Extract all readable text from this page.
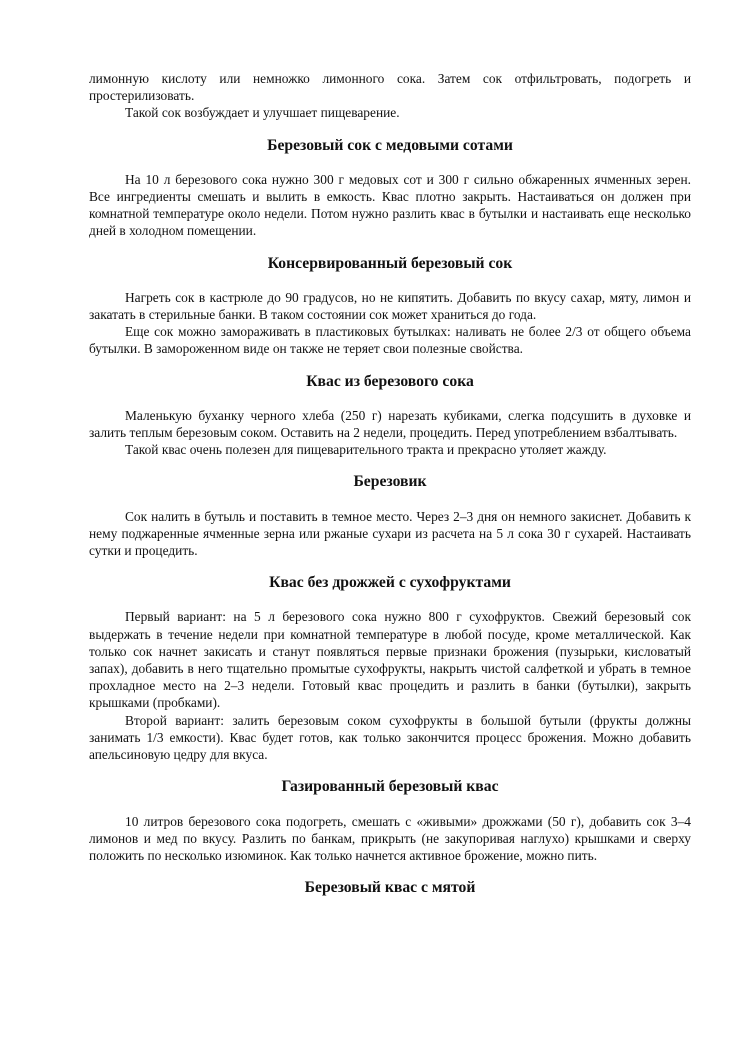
лимонную кислоту или немножко лимонного сока. Затем сок отфильтровать, подогреть и простерилизовать.

Такой сок возбуждает и улучшает пищеварение.

Березовый сок с медовыми сотами

На 10 л березового сока нужно 300 г медовых сот и 300 г сильно обжаренных ячменных зерен. Все ингредиенты смешать и вылить в емкость. Квас плотно закрыть. Настаиваться он должен при комнатной температуре около недели. Потом нужно разлить квас в бутылки и настаивать еще несколько дней в холодном помещении.

Консервированный березовый сок

Нагреть сок в кастрюле до 90 градусов, но не кипятить. Добавить по вкусу сахар, мяту, лимон и закатать в стерильные банки. В таком состоянии сок может храниться до года.

Еще сок можно замораживать в пластиковых бутылках: наливать не более 2/3 от общего объема бутылки. В замороженном виде он также не теряет свои полезные свойства.

Квас из березового сока

Маленькую буханку черного хлеба (250 г) нарезать кубиками, слегка подсушить в духовке и залить теплым березовым соком. Оставить на 2 недели, процедить. Перед употреблением взбалтывать.

Такой квас очень полезен для пищеварительного тракта и прекрасно утоляет жажду.

Березовик

Сок налить в бутыль и поставить в темное место. Через 2–3 дня он немного закиснет. Добавить к нему поджаренные ячменные зерна или ржаные сухари из расчета на 5 л сока 30 г сухарей. Настаивать сутки и процедить.

Квас без дрожжей с сухофруктами

Первый вариант: на 5 л березового сока нужно 800 г сухофруктов. Свежий березовый сок выдержать в течение недели при комнатной температуре в любой посуде, кроме металлической. Как только сок начнет закисать и станут появляться первые признаки брожения (пузырьки, кисловатый запах), добавить в него тщательно промытые сухофрукты, накрыть чистой салфеткой и убрать в темное прохладное место на 2–3 недели. Готовый квас процедить и разлить в банки (бутылки), закрыть крышками (пробками).

Второй вариант: залить березовым соком сухофрукты в большой бутыли (фрукты должны занимать 1/3 емкости). Квас будет готов, как только закончится процесс брожения. Можно добавить апельсиновую цедру для вкуса.

Газированный березовый квас

10 литров березового сока подогреть, смешать с «живыми» дрожжами (50 г), добавить сок 3–4 лимонов и мед по вкусу. Разлить по банкам, прикрыть (не закупоривая наглухо) крышками и сверху положить по несколько изюминок. Как только начнется активное брожение, можно пить.

Березовый квас с мятой
